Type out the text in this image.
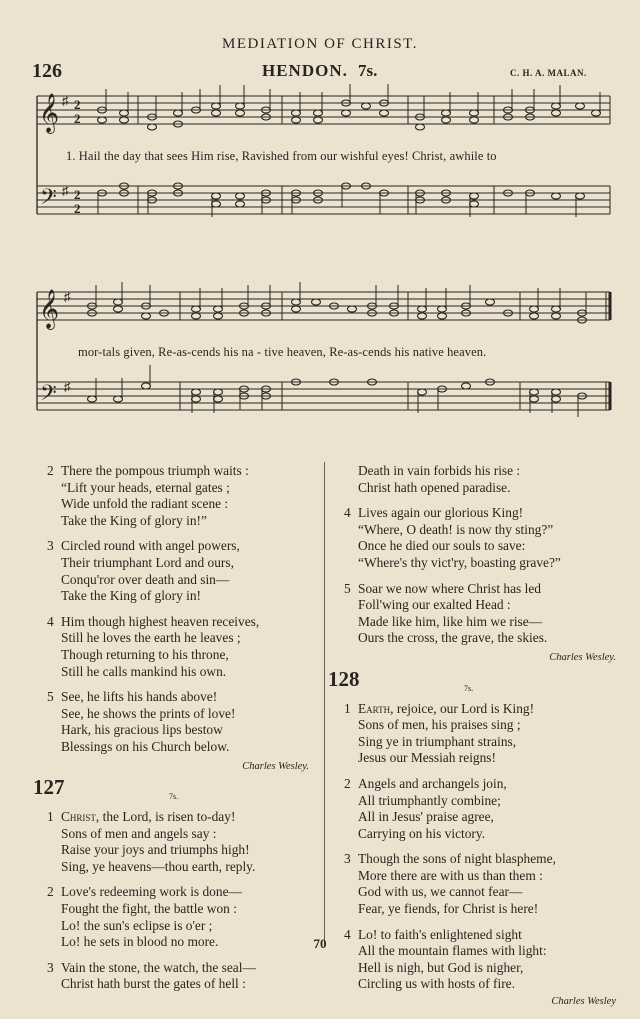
MEDIATION OF CHRIST.
126	HENDON. 7s.	C. H. A. MALAN.
𝄞
𝄢
♯
♯
2
2
2
2
1. Hail the day that sees Him rise, Ravished from our wishful eyes! Christ, awhile to
𝄞
𝄢
♯
♯
mor-tals given, Re-as-cends his na - tive heaven, Re-as-cends his native heaven.
2 There the pompous triumph waits :
“Lift your heads, eternal gates ;
Wide unfold the radiant scene :
Take the King of glory in!”
3 Circled round with angel powers,
Their triumphant Lord and ours,
Conqu'ror over death and sin—
Take the King of glory in!
4 Him though highest heaven receives,
Still he loves the earth he leaves ;
Though returning to his throne,
Still he calls mankind his own.
5 See, he lifts his hands above!
See, he shows the prints of love!
Hark, his gracious lips bestow
Blessings on his Church below.
Charles Wesley.
127	7s.
1 Christ, the Lord, is risen to-day!
Sons of men and angels say :
Raise your joys and triumphs high!
Sing, ye heavens—thou earth, reply.
2 Love's redeeming work is done—
Fought the fight, the battle won :
Lo! the sun's eclipse is o'er ;
Lo! he sets in blood no more.
3 Vain the stone, the watch, the seal—
Christ hath burst the gates of hell :
Death in vain forbids his rise :
Christ hath opened paradise.
4 Lives again our glorious King!
“Where, O death! is now thy sting?”
Once he died our souls to save:
“Where's thy vict'ry, boasting grave?”
5 Soar we now where Christ has led
Foll'wing our exalted Head :
Made like him, like him we rise—
Ours the cross, the grave, the skies.
Charles Wesley.
128	7s.
1 Earth, rejoice, our Lord is King!
Sons of men, his praises sing ;
Sing ye in triumphant strains,
Jesus our Messiah reigns!
2 Angels and archangels join,
All triumphantly combine;
All in Jesus' praise agree,
Carrying on his victory.
3 Though the sons of night blaspheme,
More there are with us than them :
God with us, we cannot fear—
Fear, ye fiends, for Christ is here!
4 Lo! to faith's enlightened sight
All the mountain flames with light:
Hell is nigh, but God is nigher,
Circling us with hosts of fire.
Charles Wesley
70
